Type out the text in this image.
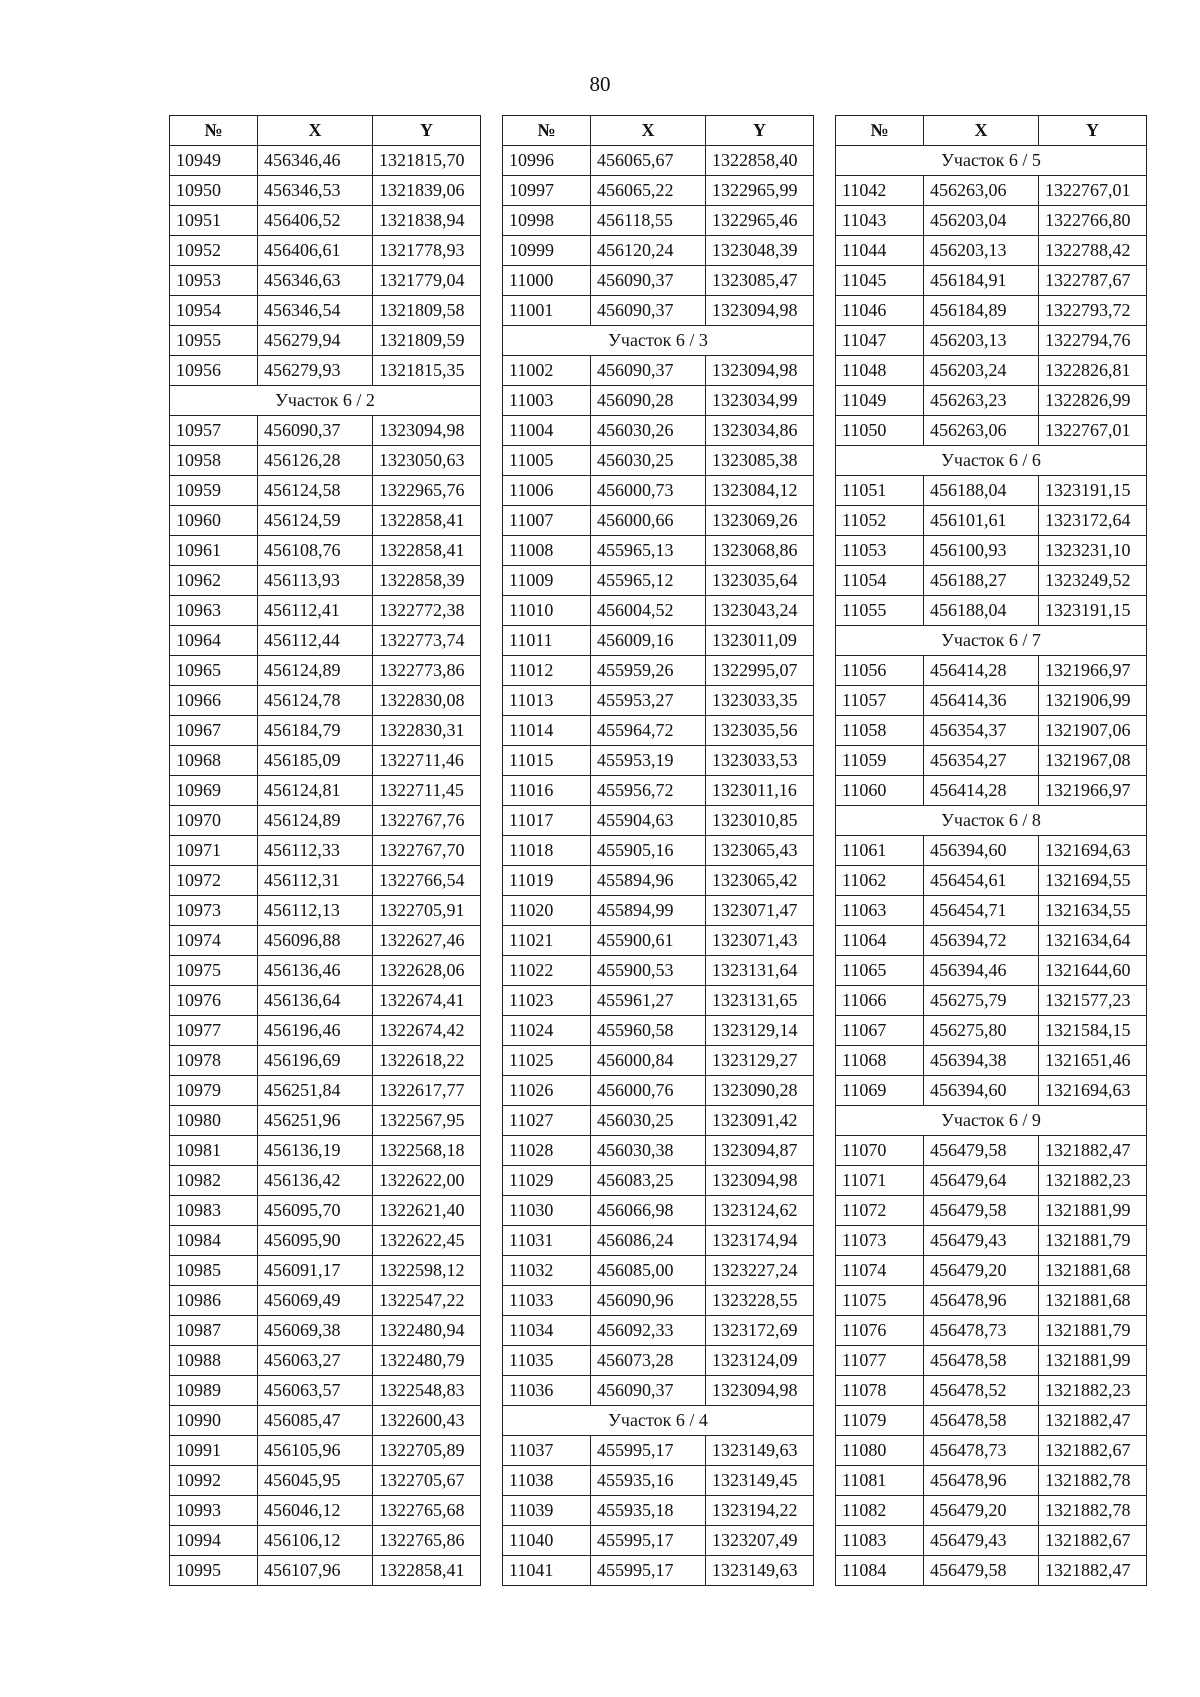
80
№	X	Y
10949	456346,46	1321815,70
10950	456346,53	1321839,06
10951	456406,52	1321838,94
10952	456406,61	1321778,93
10953	456346,63	1321779,04
10954	456346,54	1321809,58
10955	456279,94	1321809,59
10956	456279,93	1321815,35
Участок 6 / 2		
10957	456090,37	1323094,98
10958	456126,28	1323050,63
10959	456124,58	1322965,76
10960	456124,59	1322858,41
10961	456108,76	1322858,41
10962	456113,93	1322858,39
10963	456112,41	1322772,38
10964	456112,44	1322773,74
10965	456124,89	1322773,86
10966	456124,78	1322830,08
10967	456184,79	1322830,31
10968	456185,09	1322711,46
10969	456124,81	1322711,45
10970	456124,89	1322767,76
10971	456112,33	1322767,70
10972	456112,31	1322766,54
10973	456112,13	1322705,91
10974	456096,88	1322627,46
10975	456136,46	1322628,06
10976	456136,64	1322674,41
10977	456196,46	1322674,42
10978	456196,69	1322618,22
10979	456251,84	1322617,77
10980	456251,96	1322567,95
10981	456136,19	1322568,18
10982	456136,42	1322622,00
10983	456095,70	1322621,40
10984	456095,90	1322622,45
10985	456091,17	1322598,12
10986	456069,49	1322547,22
10987	456069,38	1322480,94
10988	456063,27	1322480,79
10989	456063,57	1322548,83
10990	456085,47	1322600,43
10991	456105,96	1322705,89
10992	456045,95	1322705,67
10993	456046,12	1322765,68
10994	456106,12	1322765,86
10995	456107,96	1322858,41
№	X	Y
10996	456065,67	1322858,40
10997	456065,22	1322965,99
10998	456118,55	1322965,46
10999	456120,24	1323048,39
11000	456090,37	1323085,47
11001	456090,37	1323094,98
Участок 6 / 3		
11002	456090,37	1323094,98
11003	456090,28	1323034,99
11004	456030,26	1323034,86
11005	456030,25	1323085,38
11006	456000,73	1323084,12
11007	456000,66	1323069,26
11008	455965,13	1323068,86
11009	455965,12	1323035,64
11010	456004,52	1323043,24
11011	456009,16	1323011,09
11012	455959,26	1322995,07
11013	455953,27	1323033,35
11014	455964,72	1323035,56
11015	455953,19	1323033,53
11016	455956,72	1323011,16
11017	455904,63	1323010,85
11018	455905,16	1323065,43
11019	455894,96	1323065,42
11020	455894,99	1323071,47
11021	455900,61	1323071,43
11022	455900,53	1323131,64
11023	455961,27	1323131,65
11024	455960,58	1323129,14
11025	456000,84	1323129,27
11026	456000,76	1323090,28
11027	456030,25	1323091,42
11028	456030,38	1323094,87
11029	456083,25	1323094,98
11030	456066,98	1323124,62
11031	456086,24	1323174,94
11032	456085,00	1323227,24
11033	456090,96	1323228,55
11034	456092,33	1323172,69
11035	456073,28	1323124,09
11036	456090,37	1323094,98
Участок 6 / 4		
11037	455995,17	1323149,63
11038	455935,16	1323149,45
11039	455935,18	1323194,22
11040	455995,17	1323207,49
11041	455995,17	1323149,63
№	X	Y
Участок 6 / 5		
11042	456263,06	1322767,01
11043	456203,04	1322766,80
11044	456203,13	1322788,42
11045	456184,91	1322787,67
11046	456184,89	1322793,72
11047	456203,13	1322794,76
11048	456203,24	1322826,81
11049	456263,23	1322826,99
11050	456263,06	1322767,01
Участок 6 / 6		
11051	456188,04	1323191,15
11052	456101,61	1323172,64
11053	456100,93	1323231,10
11054	456188,27	1323249,52
11055	456188,04	1323191,15
Участок 6 / 7		
11056	456414,28	1321966,97
11057	456414,36	1321906,99
11058	456354,37	1321907,06
11059	456354,27	1321967,08
11060	456414,28	1321966,97
Участок 6 / 8		
11061	456394,60	1321694,63
11062	456454,61	1321694,55
11063	456454,71	1321634,55
11064	456394,72	1321634,64
11065	456394,46	1321644,60
11066	456275,79	1321577,23
11067	456275,80	1321584,15
11068	456394,38	1321651,46
11069	456394,60	1321694,63
Участок 6 / 9		
11070	456479,58	1321882,47
11071	456479,64	1321882,23
11072	456479,58	1321881,99
11073	456479,43	1321881,79
11074	456479,20	1321881,68
11075	456478,96	1321881,68
11076	456478,73	1321881,79
11077	456478,58	1321881,99
11078	456478,52	1321882,23
11079	456478,58	1321882,47
11080	456478,73	1321882,67
11081	456478,96	1321882,78
11082	456479,20	1321882,78
11083	456479,43	1321882,67
11084	456479,58	1321882,47
